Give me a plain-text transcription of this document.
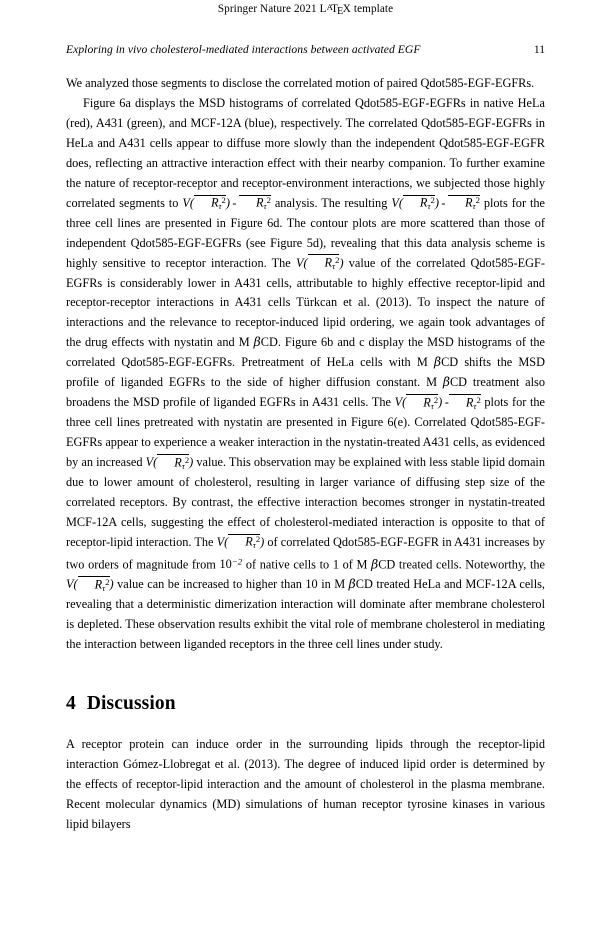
Springer Nature 2021 $L^ATEX$ template
Exploring in vivo cholesterol-mediated interactions between activated EGF	11

We analyzed those segments to disclose the correlated motion of paired Qdot585-EGF-EGFRs.

Figure 6a displays the MSD histograms of correlated Qdot585-EGF-EGFRs in native HeLa (red), A431 (green), and MCF-12A (blue), respectively. The correlated Qdot585-EGF-EGFRs in HeLa and A431 cells appear to diffuse more slowly than the independent Qdot585-EGF-EGFR does, reflecting an attractive interaction effect with their nearby companion. To further examine the nature of receptor-receptor and receptor-environment interactions, we subjected those highly correlated segments to V( $R_\tau^2) - R_\tau^2$ analysis. The resulting V( $R_\tau^2) - R_\tau^2$ plots for the three cell lines are presented in Figure 6d. The contour plots are more scattered than those of independent Qdot585-EGF-EGFRs (see Figure 5d), revealing that this data analysis scheme is highly sensitive to receptor interaction. The V( $R_\tau^2$) value of the correlated Qdot585-EGF-EGFRs is considerably lower in A431 cells, attributable to highly effective receptor-lipid and receptor-receptor interactions in A431 cells Türkcan et al. (2013). To inspect the nature of interactions and the relevance to receptor-induced lipid ordering, we again took advantages of the drug effects with nystatin and M βCD. Figure 6b and c display the MSD histograms of the correlated Qdot585-EGF-EGFRs. Pretreatment of HeLa cells with M βCD shifts the MSD profile of liganded EGFRs to the side of higher diffusion constant. M βCD treatment also broadens the MSD profile of liganded EGFRs in A431 cells. The V( $R_\tau^2) - R_\tau^2$ plots for the three cell lines pretreated with nystatin are presented in Figure 6(e). Correlated Qdot585-EGF-EGFRs appear to experience a weaker interaction in the nystatin-treated A431 cells, as evidenced by an increased V( $R_\tau^2$) value. This observation may be explained with less stable lipid domain due to lower amount of cholesterol, resulting in larger variance of diffusing step size of the correlated receptors. By contrast, the effective interaction becomes stronger in nystatin-treated MCF-12A cells, suggesting the effect of cholesterol-mediated interaction is opposite to that of receptor-lipid interaction. The V( $R_\tau^2$) of correlated Qdot585-EGF-EGFR in A431 increases by two orders of magnitude from $10^{-2}$ of native cells to 1 of M βCD treated cells. Noteworthy, the V( $R_\tau^2$) value can be increased to higher than 10 in M βCD treated HeLa and MCF-12A cells, revealing that a deterministic dimerization interaction will dominate after membrane cholesterol is depleted. These observation results exhibit the vital role of membrane cholesterol in mediating the interaction between liganded receptors in the three cell lines under study.

4 Discussion

A receptor protein can induce order in the surrounding lipids through the receptor-lipid interaction Gómez-Llobregat et al. (2013). The degree of induced lipid order is determined by the effects of receptor-lipid interaction and the amount of cholesterol in the plasma membrane. Recent molecular dynamics (MD) simulations of human receptor tyrosine kinases in various lipid bilayers
